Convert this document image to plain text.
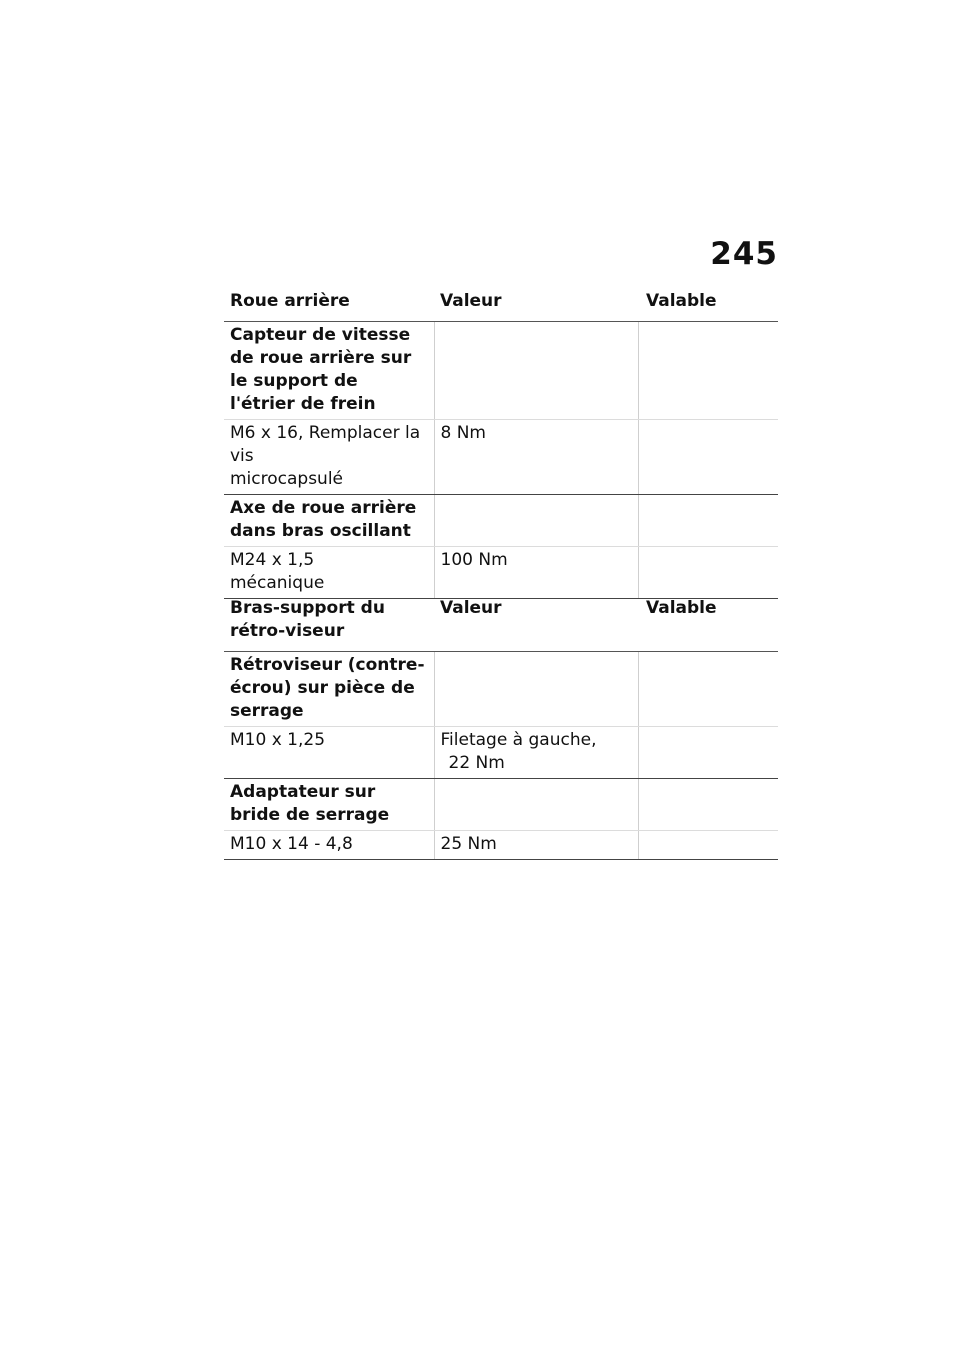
245
Roue arrière	Valeur	Valable
Capteur de vitesse de roue arrière sur le support de l'étrier de frein		

M6 x 16, Remplacer la
vis
microcapsulé	8 Nm	

Axe de roue arrière dans bras oscillant		

M24 x 1,5
mécanique	100 Nm	

Bras-support du rétro-viseur	Valeur	Valable
Rétroviseur (contre-écrou) sur pièce de serrage		

M10 x 1,25	Filetage à gauche,
22 Nm	

Adaptateur sur bride de serrage		

M10 x 14 - 4,8	25 Nm	
